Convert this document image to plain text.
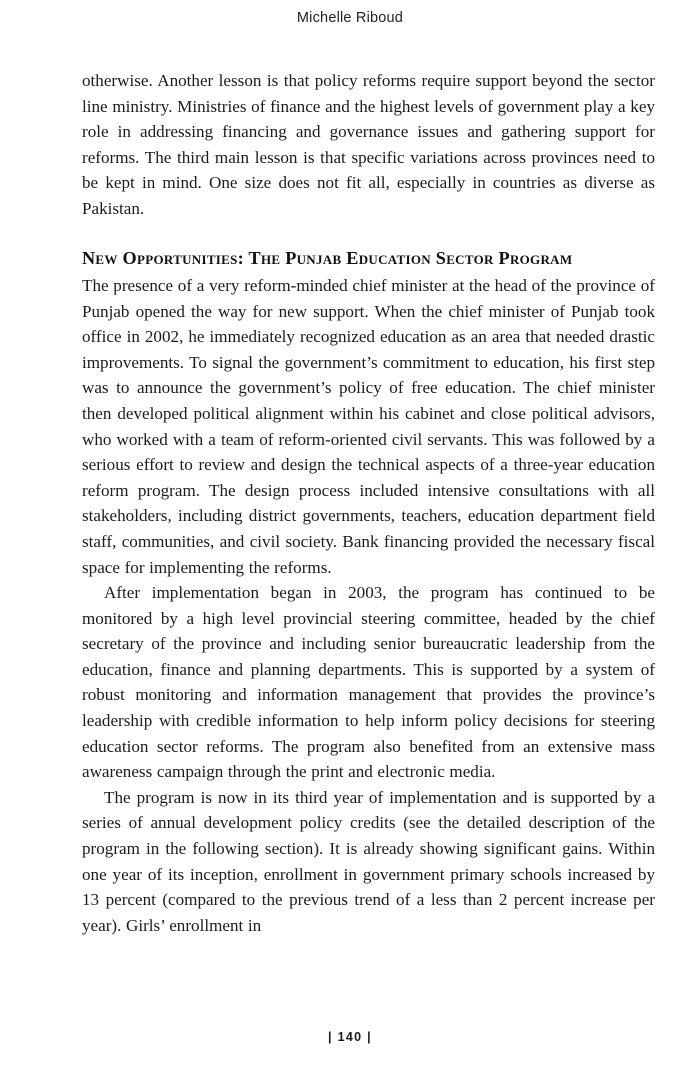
Michelle Riboud

otherwise. Another lesson is that policy reforms require support beyond the sector line ministry. Ministries of finance and the highest levels of government play a key role in addressing financing and governance issues and gathering support for reforms. The third main lesson is that specific variations across provinces need to be kept in mind. One size does not fit all, especially in countries as diverse as Pakistan.

New Opportunities: The Punjab Education Sector Program

The presence of a very reform-minded chief minister at the head of the province of Punjab opened the way for new support. When the chief minister of Punjab took office in 2002, he immediately recognized education as an area that needed drastic improvements. To signal the government’s commitment to education, his first step was to announce the government’s policy of free education. The chief minister then developed political alignment within his cabinet and close political advisors, who worked with a team of reform-oriented civil servants. This was followed by a serious effort to review and design the technical aspects of a three-year education reform program. The design process included intensive consultations with all stakeholders, including district governments, teachers, education department field staff, communities, and civil society. Bank financing provided the necessary fiscal space for implementing the reforms.

After implementation began in 2003, the program has continued to be monitored by a high level provincial steering committee, headed by the chief secretary of the province and including senior bureaucratic leadership from the education, finance and planning departments. This is supported by a system of robust monitoring and information management that provides the province’s leadership with credible information to help inform policy decisions for steering education sector reforms. The program also benefited from an extensive mass awareness campaign through the print and electronic media.

The program is now in its third year of implementation and is supported by a series of annual development policy credits (see the detailed description of the program in the following section). It is already showing significant gains. Within one year of its inception, enrollment in government primary schools increased by 13 percent (compared to the previous trend of a less than 2 percent increase per year). Girls’ enrollment in

| 140 |
